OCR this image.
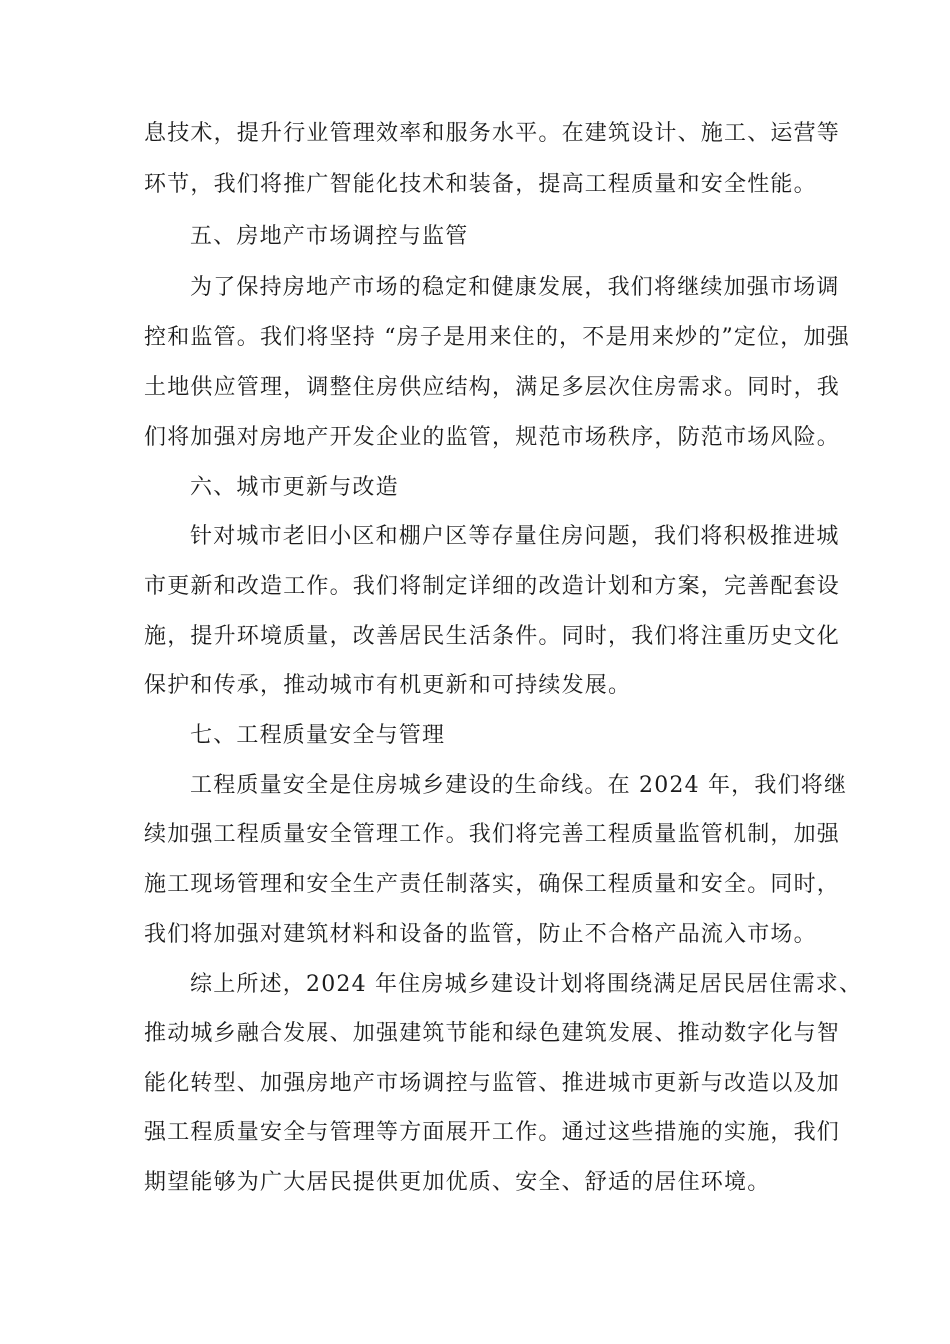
息技术，提升行业管理效率和服务水平。在建筑设计、施工、运营等
环节，我们将推广智能化技术和装备，提高工程质量和安全性能。
五、房地产市场调控与监管
为了保持房地产市场的稳定和健康发展，我们将继续加强市场调
控和监管。我们将坚持 “房子是用来住的，不是用来炒的”定位，加强
土地供应管理，调整住房供应结构，满足多层次住房需求。同时，我
们将加强对房地产开发企业的监管，规范市场秩序，防范市场风险。
六、城市更新与改造
针对城市老旧小区和棚户区等存量住房问题，我们将积极推进城
市更新和改造工作。我们将制定详细的改造计划和方案，完善配套设
施，提升环境质量，改善居民生活条件。同时，我们将注重历史文化
保护和传承，推动城市有机更新和可持续发展。
七、工程质量安全与管理
工程质量安全是住房城乡建设的生命线。在 2024 年，我们将继
续加强工程质量安全管理工作。我们将完善工程质量监管机制，加强
施工现场管理和安全生产责任制落实，确保工程质量和安全。同时，
我们将加强对建筑材料和设备的监管，防止不合格产品流入市场。
综上所述，2024 年住房城乡建设计划将围绕满足居民居住需求、
推动城乡融合发展、加强建筑节能和绿色建筑发展、推动数字化与智
能化转型、加强房地产市场调控与监管、推进城市更新与改造以及加
强工程质量安全与管理等方面展开工作。通过这些措施的实施，我们
期望能够为广大居民提供更加优质、安全、舒适的居住环境。
